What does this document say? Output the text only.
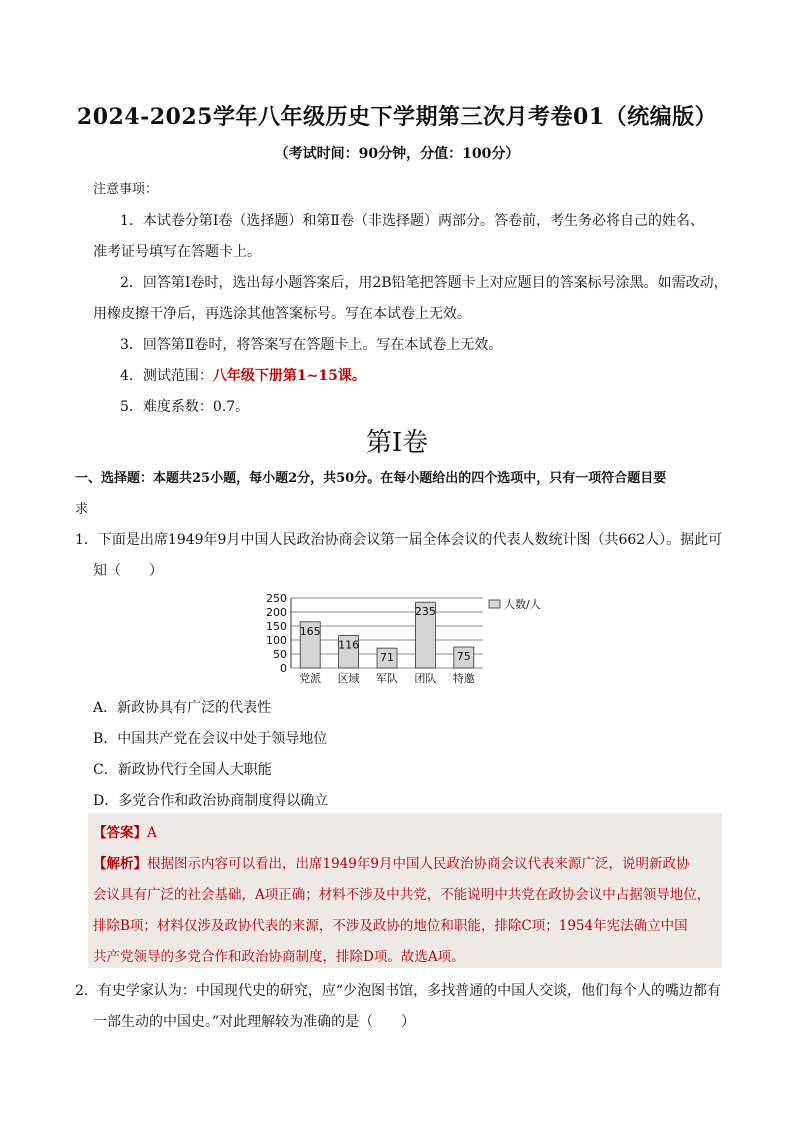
2024-2025学年八年级历史下学期第三次月考卷01（统编版）
（考试时间：90分钟，分值：100分）
注意事项：
1．本试卷分第Ⅰ卷（选择题）和第Ⅱ卷（非选择题）两部分。答卷前，考生务必将自己的姓名、
准考证号填写在答题卡上。
2．回答第Ⅰ卷时，选出每小题答案后，用2B铅笔把答题卡上对应题目的答案标号涂黑。如需改动，
用橡皮擦干净后，再选涂其他答案标号。写在本试卷上无效。
3．回答第Ⅱ卷时，将答案写在答题卡上。写在本试卷上无效。
4．测试范围：八年级下册第1~15课。
5．难度系数：0.7。
第Ⅰ卷
一、选择题：本题共25小题，每小题2分，共50分。在每小题给出的四个选项中，只有一项符合题目要
求
1．下面是出席1949年9月中国人民政治协商会议第一届全体会议的代表人数统计图（共662人）。据此可
知（　　）
0
50
100
150
200
250
165
党派
116
区域
71
军队
235
团队
75
特邀
人数/人
A．新政协具有广泛的代表性
B．中国共产党在会议中处于领导地位
C．新政协代行全国人大职能
D．多党合作和政治协商制度得以确立
【答案】A
【解析】根据图示内容可以看出，出席1949年9月中国人民政治协商会议代表来源广泛，说明新政协
会议具有广泛的社会基础，A项正确；材料不涉及中共党，不能说明中共党在政协会议中占据领导地位，
排除B项；材料仅涉及政协代表的来源，不涉及政协的地位和职能，排除C项；1954年宪法确立中国
共产党领导的多党合作和政治协商制度，排除D项。故选A项。
2．有史学家认为：中国现代史的研究，应“少泡图书馆，多找普通的中国人交谈，他们每个人的嘴边都有
一部生动的中国史。”对此理解较为准确的是（　　）
